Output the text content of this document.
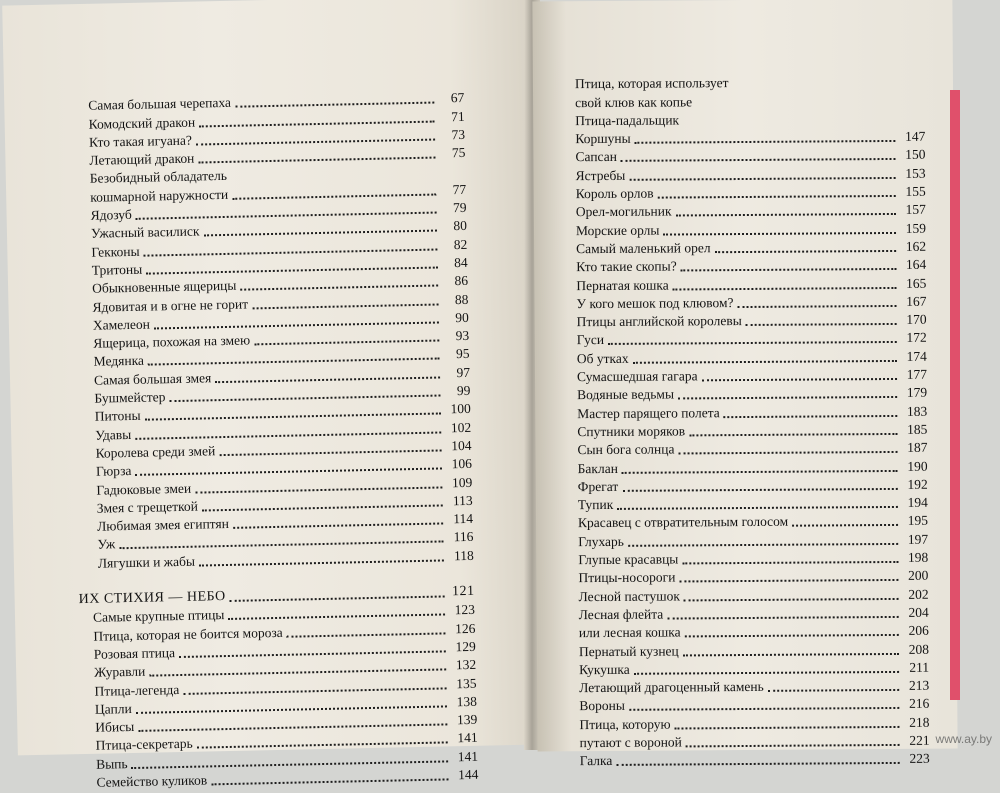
Самая большая черепаха	67
Комодский дракон	71
Кто такая игуана?	73
Летающий дракон	75
Безобидный обладатель
кошмарной наружности	77
Ядозуб	79
Ужасный василиск	80
Гекконы	82
Тритоны	84
Обыкновенные ящерицы	86
Ядовитая и в огне не горит	88
Хамелеон	90
Ящерица, похожая на змею	93
Медянка	95
Самая большая змея	97
Бушмейстер	99
Питоны	100
Удавы	102
Королева среди змей	104
Гюрза	106
Гадюковые змеи	109
Змея с трещеткой	113
Любимая змея египтян	114
Уж	116
Лягушки и жабы	118
ИХ СТИХИЯ — НЕБО	121
Самые крупные птицы	123
Птица, которая не боится мороза	126
Розовая птица	129
Журавли	132
Птица-легенда	135
Цапли	138
Ибисы	139
Птица-секретарь	141
Выпь	141
Семейство куликов	144
Птица, которая использует
свой клюв как копье
Птица-падальщик
Коршуны	147
Сапсан	150
Ястребы	153
Король орлов	155
Орел-могильник	157
Морские орлы	159
Самый маленький орел	162
Кто такие скопы?	164
Пернатая кошка	165
У кого мешок под клювом?	167
Птицы английской королевы	170
Гуси	172
Об утках	174
Сумасшедшая гагара	177
Водяные ведьмы	179
Мастер парящего полета	183
Спутники моряков	185
Сын бога солнца	187
Баклан	190
Фрегат	192
Тупик	194
Красавец с отвратительным голосом	195
Глухарь	197
Глупые красавцы	198
Птицы-носороги	200
Лесной пастушок	202
Лесная флейта	204
или лесная кошка	206
Пернатый кузнец	208
Кукушка	211
Летающий драгоценный камень	213
Вороны	216
Птица, которую	218
путают с вороной	221
Галка	223
www.ay.by
